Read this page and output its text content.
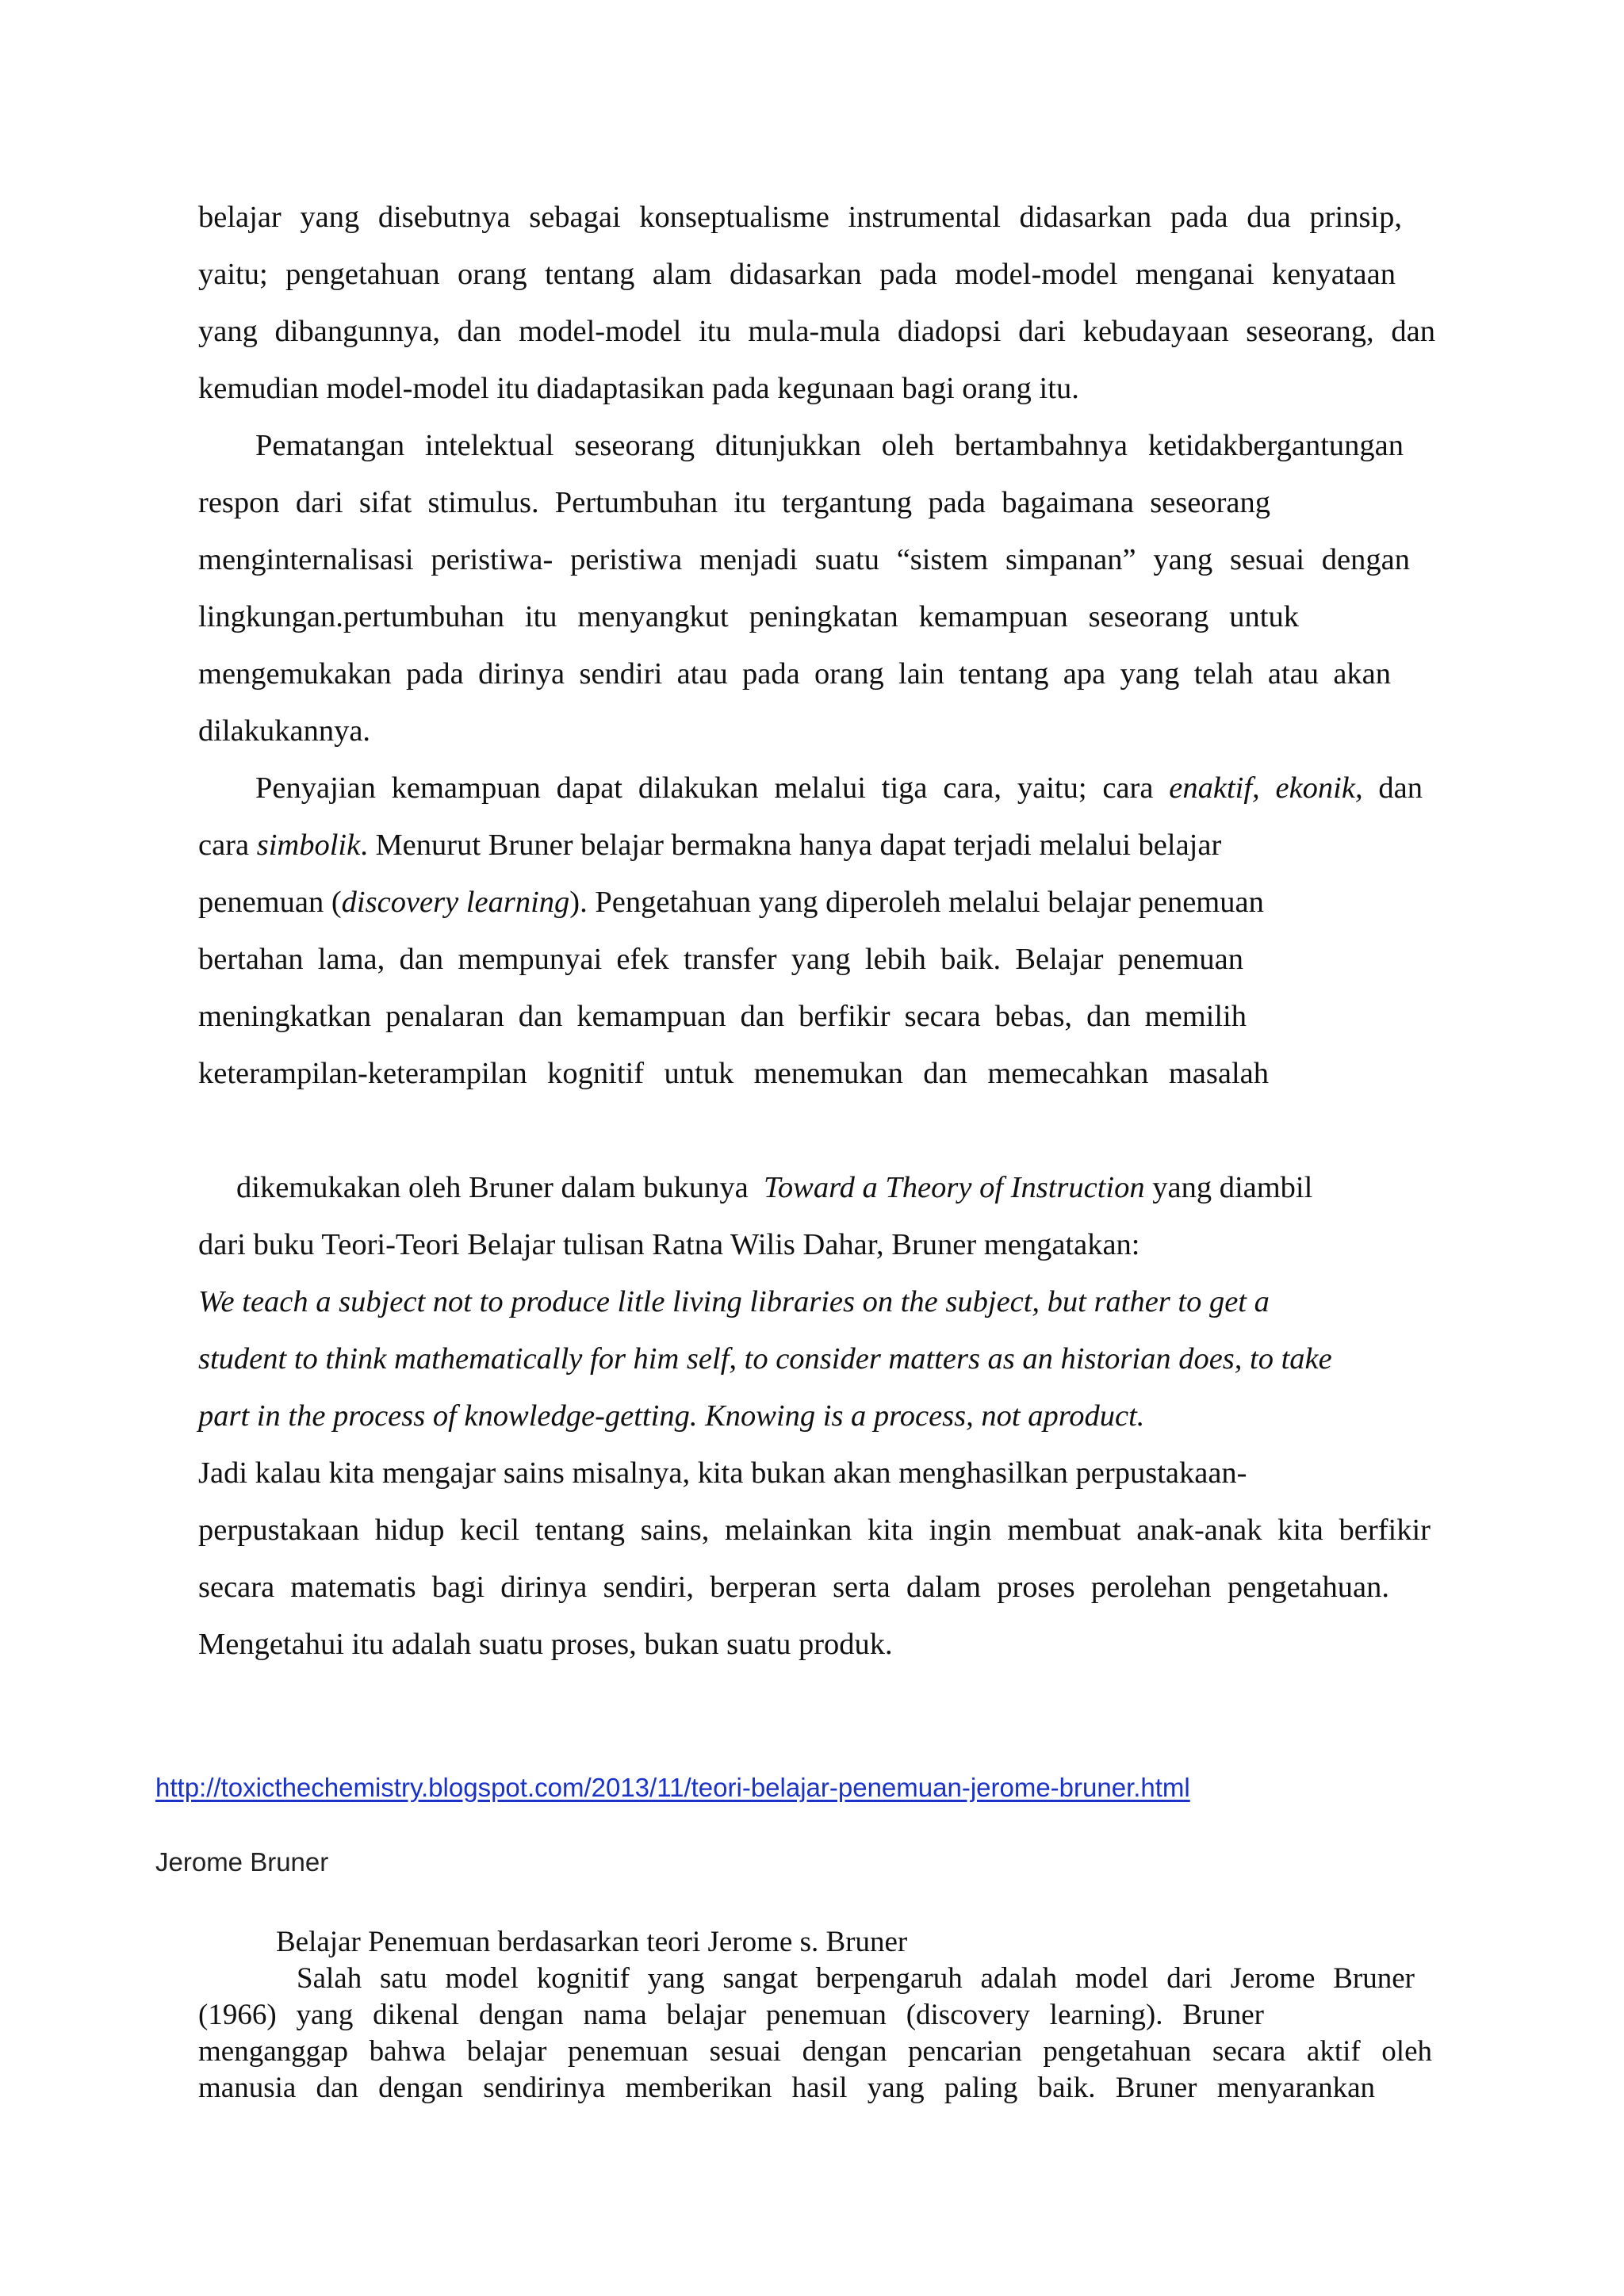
belajar yang disebutnya sebagai konseptualisme instrumental didasarkan pada dua prinsip,
yaitu; pengetahuan orang tentang alam didasarkan pada model-model menganai kenyataan
yang dibangunnya, dan model-model itu mula-mula diadopsi dari kebudayaan seseorang, dan
kemudian model-model itu diadaptasikan pada kegunaan bagi orang itu.
Pematangan intelektual seseorang ditunjukkan oleh bertambahnya ketidakbergantungan
respon dari sifat stimulus. Pertumbuhan itu tergantung pada bagaimana seseorang
menginternalisasi peristiwa- peristiwa menjadi suatu “sistem simpanan” yang sesuai dengan
lingkungan.pertumbuhan itu menyangkut peningkatan kemampuan seseorang untuk
mengemukakan pada dirinya sendiri atau pada orang lain tentang apa yang telah atau akan
dilakukannya.
Penyajian kemampuan dapat dilakukan melalui tiga cara, yaitu; cara enaktif, ekonik, dan
cara simbolik. Menurut Bruner belajar bermakna hanya dapat terjadi melalui belajar
penemuan (discovery learning). Pengetahuan yang diperoleh melalui belajar penemuan
bertahan lama, dan mempunyai efek transfer yang lebih baik. Belajar penemuan
meningkatkan penalaran dan kemampuan dan berfikir secara bebas, dan memilih
keterampilan-keterampilan kognitif untuk menemukan dan memecahkan masalah
dikemukakan oleh Bruner dalam bukunya Toward a Theory of Instruction yang diambil
dari buku Teori-Teori Belajar tulisan Ratna Wilis Dahar, Bruner mengatakan:
We teach a subject not to produce litle living libraries on the subject, but rather to get a
student to think mathematically for him self, to consider matters as an historian does, to take
part in the process of knowledge-getting. Knowing is a process, not aproduct.
Jadi kalau kita mengajar sains misalnya, kita bukan akan menghasilkan perpustakaan-
perpustakaan hidup kecil tentang sains, melainkan kita ingin membuat anak-anak kita berfikir
secara matematis bagi dirinya sendiri, berperan serta dalam proses perolehan pengetahuan.
Mengetahui itu adalah suatu proses, bukan suatu produk.
http://toxicthechemistry.blogspot.com/2013/11/teori-belajar-penemuan-jerome-bruner.html
Jerome Bruner
Belajar Penemuan berdasarkan teori Jerome s. Bruner
Salah satu model kognitif yang sangat berpengaruh adalah model dari Jerome Bruner
(1966) yang dikenal dengan nama belajar penemuan (discovery learning). Bruner
menganggap bahwa belajar penemuan sesuai dengan pencarian pengetahuan secara aktif oleh
manusia dan dengan sendirinya memberikan hasil yang paling baik. Bruner menyarankan
